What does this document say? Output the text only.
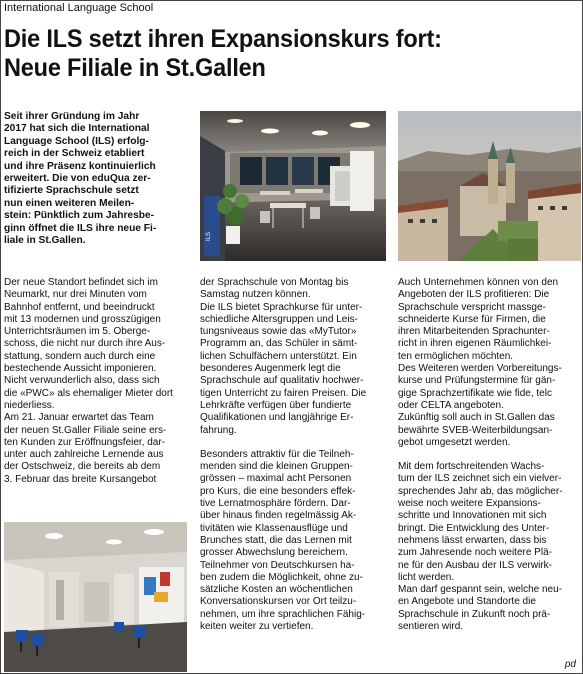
International Language School
Die ILS setzt ihren Expansionskurs fort:
Neue Filiale in St.Gallen
Seit ihrer Gründung im Jahr
2017 hat sich die International
Language School (ILS) erfolg-
reich in der Schweiz etabliert
und ihre Präsenz kontinuierlich
erweitert. Die von eduQua zer-
tifizierte Sprachschule setzt
nun einen weiteren Meilen-
stein: Pünktlich zum Jahresbe-
ginn öffnet die ILS ihre neue Fi-
liale in St.Gallen.	ILS
Der neue Standort befindet sich im
Neumarkt, nur drei Minuten vom
Bahnhof entfernt, und beeindruckt
mit 13 modernen und grosszügigen
Unterrichtsräumen im 5. Oberge-
schoss, die nicht nur durch ihre Aus-
stattung, sondern auch durch eine
bestechende Aussicht imponieren.
Nicht verwunderlich also, dass sich
die «PWC» als ehemaliger Mieter dort
niederliess.
Am 21. Januar erwartet das Team
der neuen St.Galler Filiale seine ers-
ten Kunden zur Eröffnungsfeier, dar-
unter auch zahlreiche Lernende aus
der Ostschweiz, die bereits ab dem
3. Februar das breite Kursangebot
der Sprachschule von Montag bis
Samstag nutzen können.
Die ILS bietet Sprachkurse für unter-
schiedliche Altersgruppen und Leis-
tungsniveaus sowie das «MyTutor»
Programm an, das Schüler in sämt-
lichen Schulfächern unterstützt. Ein
besonderes Augenmerk legt die
Sprachschule auf qualitativ hochwer-
tigen Unterricht zu fairen Preisen. Die
Lehrkräfte verfügen über fundierte
Qualifikationen und langjährige Er-
fahrung.
Besonders attraktiv für die Teilneh-
menden sind die kleinen Gruppen-
grössen – maximal acht Personen
pro Kurs, die eine besonders effek-
tive Lernatmosphäre fördern. Dar-
über hinaus finden regelmässig Ak-
tivitäten wie Klassenausflüge und
Brunches statt, die das Lernen mit
grosser Abwechslung bereichern.
Teilnehmer von Deutschkursen ha-
ben zudem die Möglichkeit, ohne zu-
sätzliche Kosten an wöchentlichen
Konversationskursen vor Ort teilzu-
nehmen, um ihre sprachlichen Fähig-
keiten weiter zu vertiefen.
Auch Unternehmen können von den
Angeboten der ILS profitieren: Die
Sprachschule verspricht massge-
schneiderte Kurse für Firmen, die
ihren Mitarbeitenden Sprachunter-
richt in ihren eigenen Räumlichkei-
ten ermöglichen möchten.
Des Weiteren werden Vorbereitungs-
kurse und Prüfungstermine für gän-
gige Sprachzertifikate wie fide, telc
oder CELTA angeboten.
Zukünftig soll auch in St.Gallen das
bewährte SVEB-Weiterbildungsan-
gebot umgesetzt werden.
Mit dem fortschreitenden Wachs-
tum der ILS zeichnet sich ein vielver-
sprechendes Jahr ab, das möglicher-
weise noch weitere Expansions-
schritte und Innovationen mit sich
bringt. Die Entwicklung des Unter-
nehmens lässt erwarten, dass bis
zum Jahresende noch weitere Plä-
ne für den Ausbau der ILS verwirk-
licht werden.
Man darf gespannt sein, welche neu-
en Angebote und Standorte die
Sprachschule in Zukunft noch prä-
sentieren wird.
pd
